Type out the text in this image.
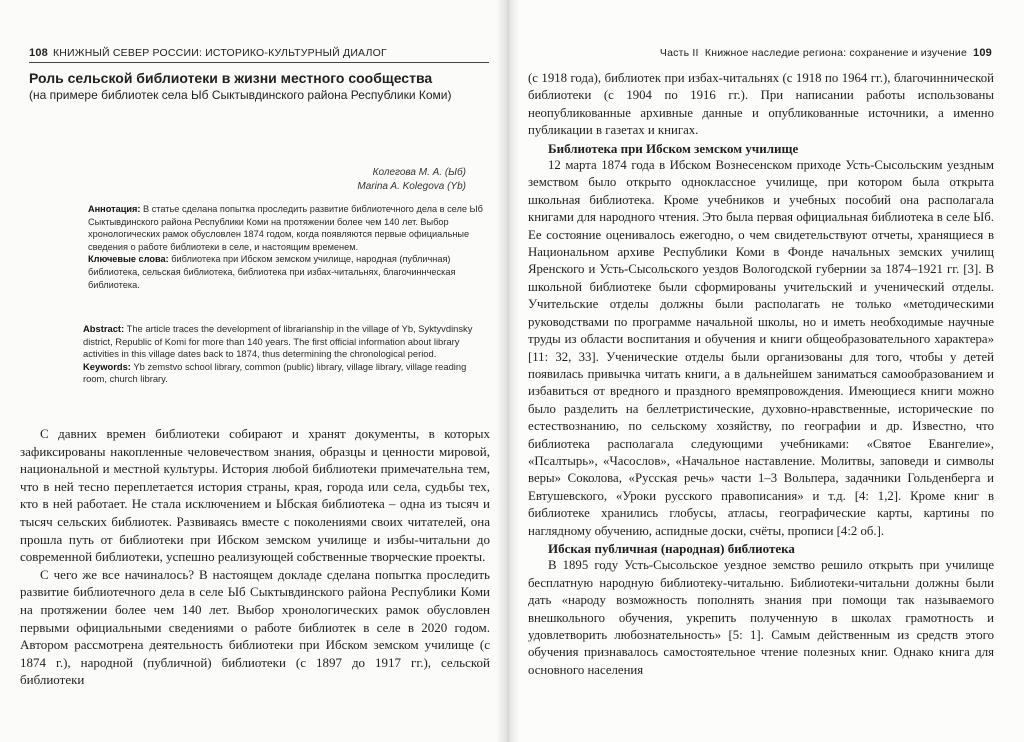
108 КНИЖНЫЙ СЕВЕР РОССИИ: ИСТОРИКО-КУЛЬТУРНЫЙ ДИАЛОГ
Роль сельской библиотеки в жизни местного сообщества
(на примере библиотек села Ыб Сыктывдинского района Республики Коми)
Колегова М. А. (Ыб)
Marina A. Kolegova (Yb)
Аннотация: В статье сделана попытка проследить развитие библиотечного дела в селе Ыб Сыктывдинского района Республики Коми на протяжении более чем 140 лет. Выбор хронологических рамок обусловлен 1874 годом, когда появляются первые официальные сведения о работе библиотеки в селе, и настоящим временем.
Ключевые слова: библиотека при Ибском земском училище, народная (публичная) библиотека, сельская библиотека, библиотека при избах-читальнях, благочиннческая библиотека.
Abstract: The article traces the development of librarianship in the village of Yb, Syktyvdinsky district, Republic of Komi for more than 140 years. The first official information about library activities in this village dates back to 1874, thus determining the chronological period.
Keywords: Yb zemstvo school library, common (public) library, village library, village reading room, church library.

С давних времен библиотеки собирают и хранят документы, в которых зафиксированы накопленные человечеством знания, образцы и ценности мировой, национальной и местной культуры. История любой библиотеки примечательна тем, что в ней тесно переплетается история страны, края, города или села, судьбы тех, кто в ней работает. Не стала исключением и Ыбская библиотека – одна из тысяч и тысяч сельских библиотек. Развиваясь вместе с поколениями своих читателей, она прошла путь от библиотеки при Ибском земском училище и избы-читальни до современной библиотеки, успешно реализующей собственные творческие проекты.

С чего же все начиналось? В настоящем докладе сделана попытка проследить развитие библиотечного дела в селе Ыб Сыктывдинского района Республики Коми на протяжении более чем 140 лет. Выбор хронологических рамок обусловлен первыми официальными сведениями о работе библиотек в селе в 2020 годом. Автором рассмотрена деятельность библиотеки при Ибском земском училище (с 1874 г.), народной (публичной) библиотеки (с 1897 до 1917 гг.), сельской библиотеки

Часть II Книжное наследие региона: сохранение и изучение 109

(с 1918 года), библиотек при избах-читальнях (с 1918 по 1964 гг.), благочиннической библиотеки (с 1904 по 1916 гг.). При написании работы использованы неопубликованные архивные данные и опубликованные источники, а именно публикации в газетах и книгах.

Библиотека при Ибском земском училище

12 марта 1874 года в Ибском Вознесенском приходе Усть-Сысольским уездным земством было открыто одноклассное училище, при котором была открыта школьная библиотека. Кроме учебников и учебных пособий она располагала книгами для народного чтения. Это была первая официальная библиотека в селе Ыб. Ее состояние оценивалось ежегодно, о чем свидетельствуют отчеты, хранящиеся в Национальном архиве Республики Коми в Фонде начальных земских училищ Яренского и Усть-Сысольского уездов Вологодской губернии за 1874–1921 гг. [3]. В школьной библиотеке были сформированы учительский и ученический отделы. Учительские отделы должны были располагать не только «методическими руководствами по программе начальной школы, но и иметь необходимые научные труды из области воспитания и обучения и книги общеобразовательного характера» [11: 32, 33]. Ученические отделы были организованы для того, чтобы у детей появилась привычка читать книги, а в дальнейшем заниматься самообразованием и избавиться от вредного и праздного времяпровождения. Имеющиеся книги можно было разделить на беллетристические, духовно-нравственные, исторические по естествознанию, по сельскому хозяйству, по географии и др. Известно, что библиотека располагала следующими учебниками: «Святое Евангелие», «Псалтырь», «Часослов», «Начальное наставление. Молитвы, заповеди и символы веры» Соколова, «Русская речь» части 1–3 Вольпера, задачники Гольденберга и Евтушевского, «Уроки русского правописания» и т.д. [4: 1,2]. Кроме книг в библиотеке хранились глобусы, атласы, географические карты, картины по наглядному обучению, аспидные доски, счёты, прописи [4:2 об.].

Ибская публичная (народная) библиотека

В 1895 году Усть-Сысольское уездное земство решило открыть при училище бесплатную народную библиотеку-читальню. Библиотеки-читальни должны были дать «народу возможность пополнять знания при помощи так называемого внешкольного обучения, укрепить полученную в школах грамотность и удовлетворить любознательность» [5: 1]. Самым действенным из средств этого обучения признавалось самостоятельное чтение полезных книг. Однако книга для основного населения
